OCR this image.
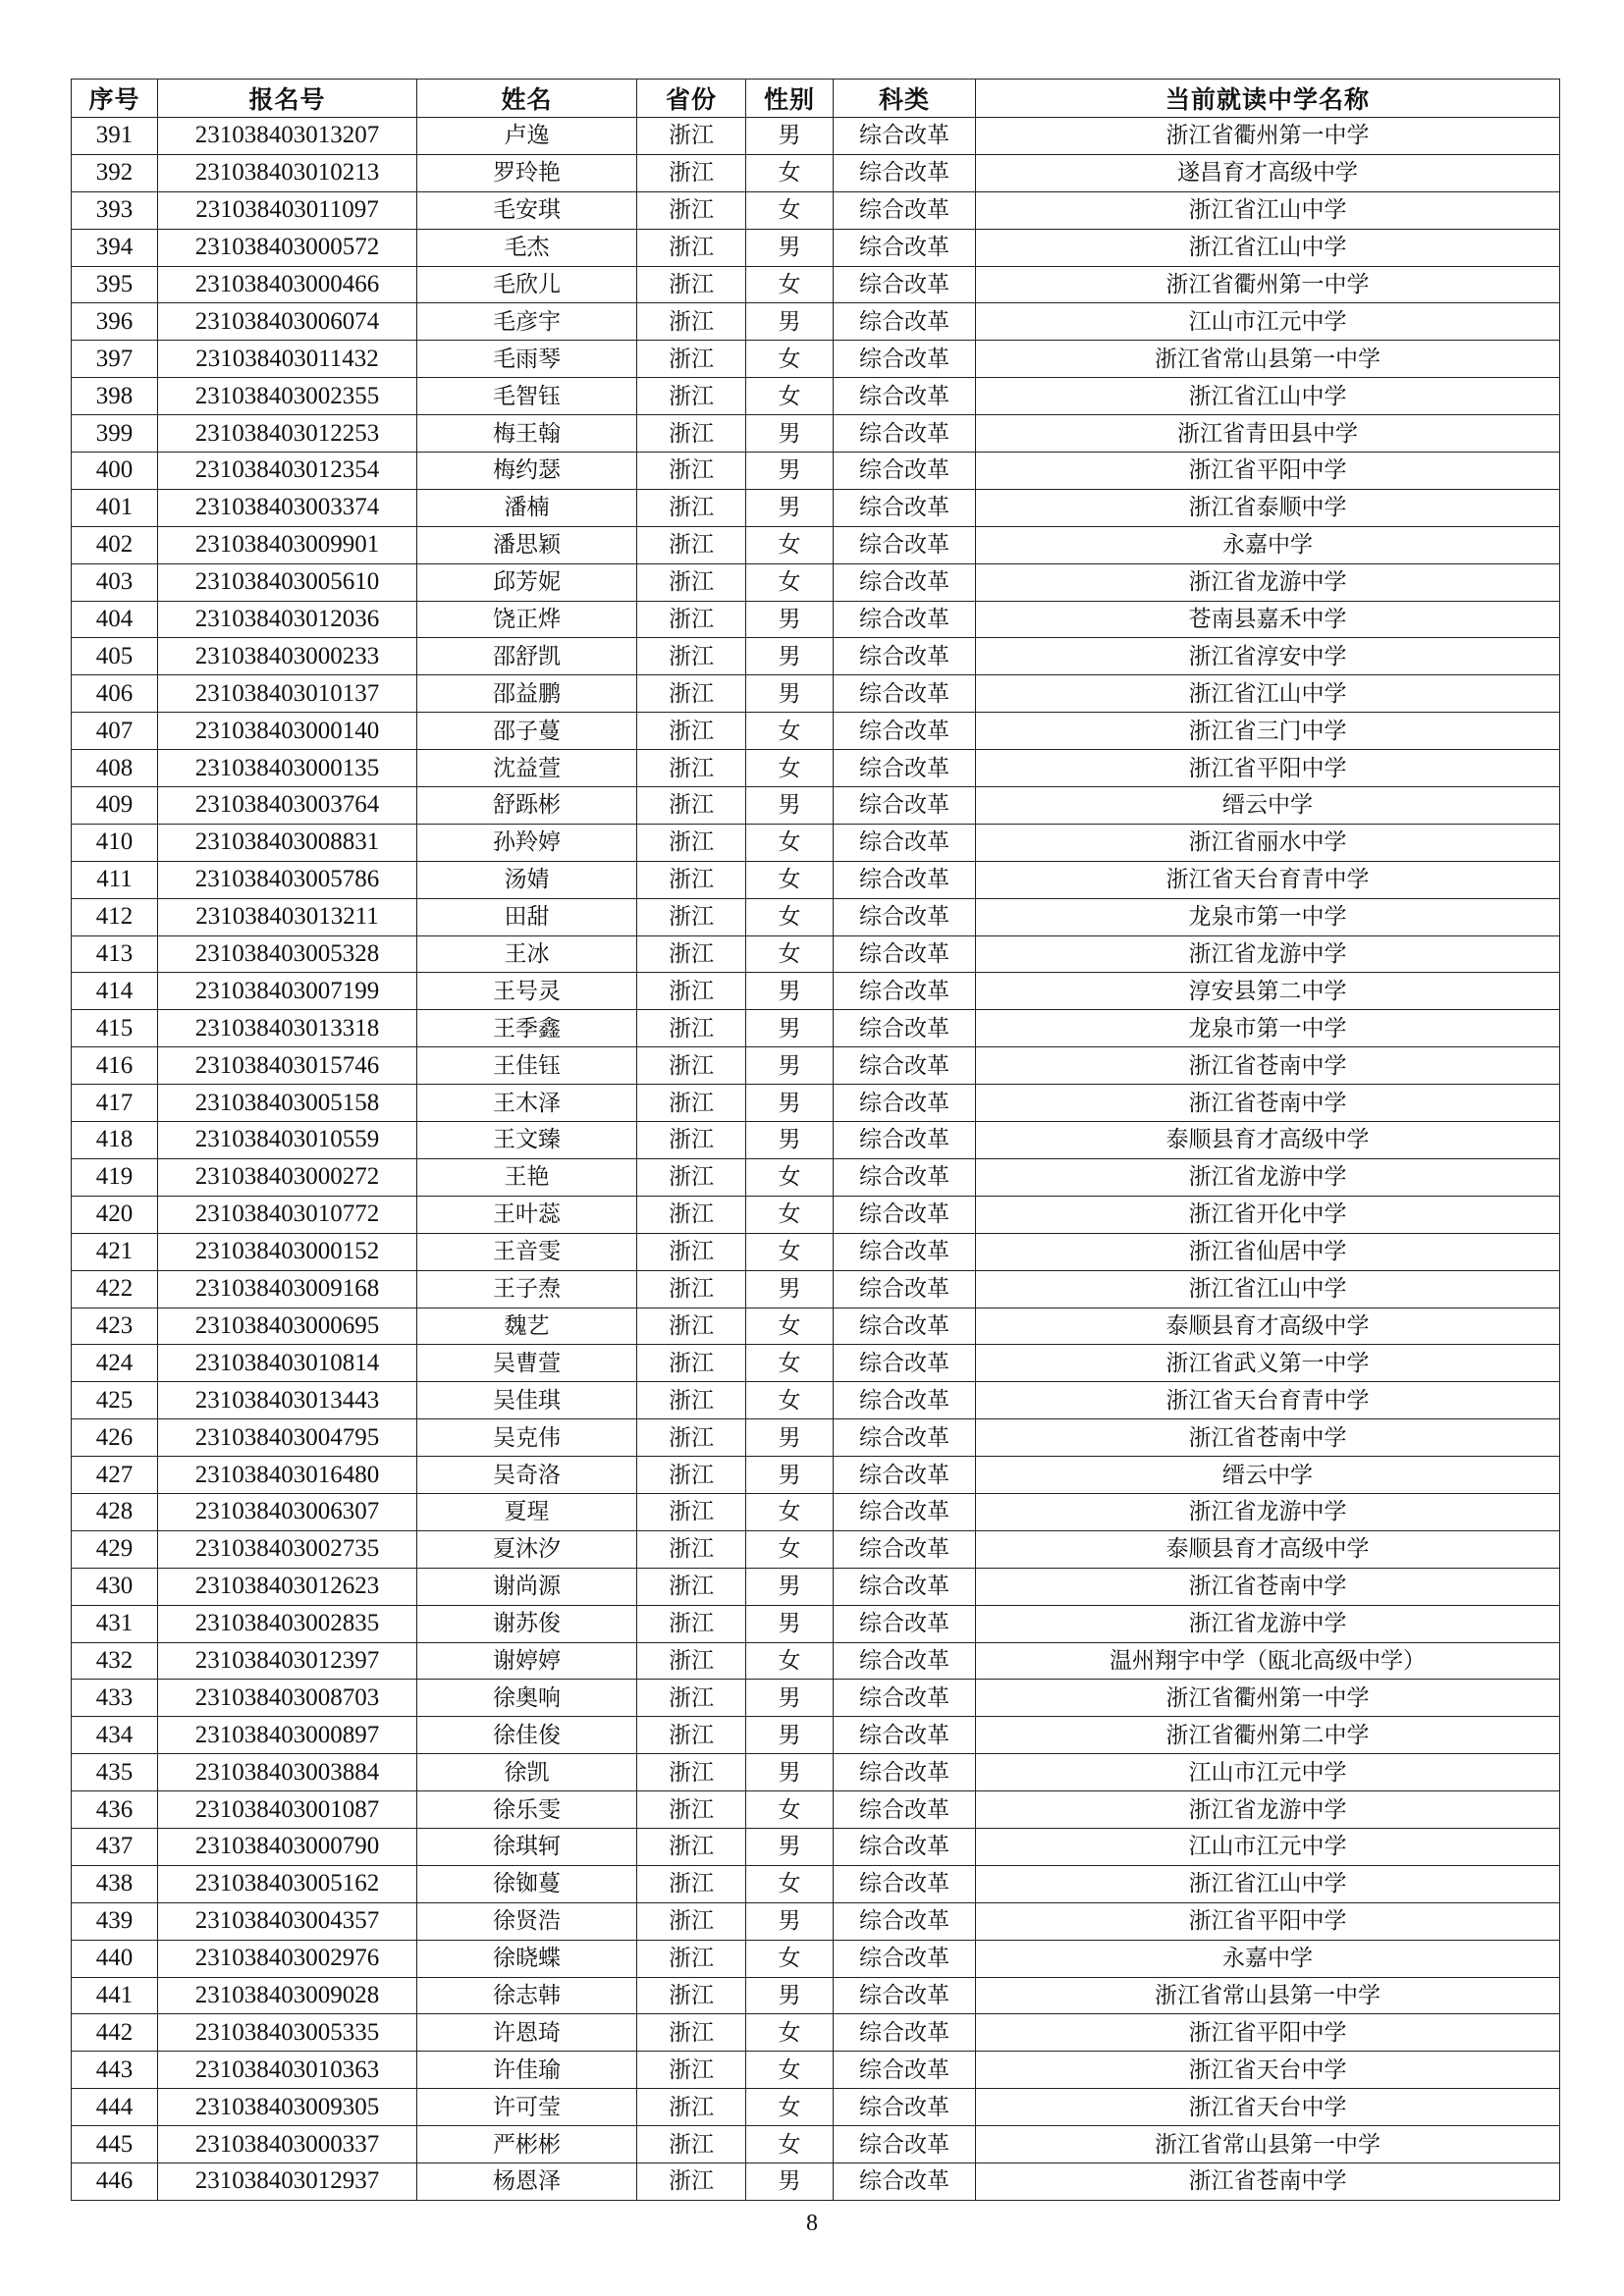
序号	报名号	姓名	省份	性别	科类	当前就读中学名称
391	231038403013207	卢逸	浙江	男	综合改革	浙江省衢州第一中学
392	231038403010213	罗玲艳	浙江	女	综合改革	遂昌育才高级中学
393	231038403011097	毛安琪	浙江	女	综合改革	浙江省江山中学
394	231038403000572	毛杰	浙江	男	综合改革	浙江省江山中学
395	231038403000466	毛欣儿	浙江	女	综合改革	浙江省衢州第一中学
396	231038403006074	毛彦宇	浙江	男	综合改革	江山市江元中学
397	231038403011432	毛雨琴	浙江	女	综合改革	浙江省常山县第一中学
398	231038403002355	毛智钰	浙江	女	综合改革	浙江省江山中学
399	231038403012253	梅王翰	浙江	男	综合改革	浙江省青田县中学
400	231038403012354	梅约瑟	浙江	男	综合改革	浙江省平阳中学
401	231038403003374	潘楠	浙江	男	综合改革	浙江省泰顺中学
402	231038403009901	潘思颖	浙江	女	综合改革	永嘉中学
403	231038403005610	邱芳妮	浙江	女	综合改革	浙江省龙游中学
404	231038403012036	饶正烨	浙江	男	综合改革	苍南县嘉禾中学
405	231038403000233	邵舒凯	浙江	男	综合改革	浙江省淳安中学
406	231038403010137	邵益鹏	浙江	男	综合改革	浙江省江山中学
407	231038403000140	邵子蔓	浙江	女	综合改革	浙江省三门中学
408	231038403000135	沈益萱	浙江	女	综合改革	浙江省平阳中学
409	231038403003764	舒跞彬	浙江	男	综合改革	缙云中学
410	231038403008831	孙羚婷	浙江	女	综合改革	浙江省丽水中学
411	231038403005786	汤婧	浙江	女	综合改革	浙江省天台育青中学
412	231038403013211	田甜	浙江	女	综合改革	龙泉市第一中学
413	231038403005328	王冰	浙江	女	综合改革	浙江省龙游中学
414	231038403007199	王号灵	浙江	男	综合改革	淳安县第二中学
415	231038403013318	王季鑫	浙江	男	综合改革	龙泉市第一中学
416	231038403015746	王佳钰	浙江	男	综合改革	浙江省苍南中学
417	231038403005158	王木泽	浙江	男	综合改革	浙江省苍南中学
418	231038403010559	王文臻	浙江	男	综合改革	泰顺县育才高级中学
419	231038403000272	王艳	浙江	女	综合改革	浙江省龙游中学
420	231038403010772	王叶蕊	浙江	女	综合改革	浙江省开化中学
421	231038403000152	王音雯	浙江	女	综合改革	浙江省仙居中学
422	231038403009168	王子焘	浙江	男	综合改革	浙江省江山中学
423	231038403000695	魏艺	浙江	女	综合改革	泰顺县育才高级中学
424	231038403010814	吴曹萱	浙江	女	综合改革	浙江省武义第一中学
425	231038403013443	吴佳琪	浙江	女	综合改革	浙江省天台育青中学
426	231038403004795	吴克伟	浙江	男	综合改革	浙江省苍南中学
427	231038403016480	吴奇洛	浙江	男	综合改革	缙云中学
428	231038403006307	夏瑆	浙江	女	综合改革	浙江省龙游中学
429	231038403002735	夏沐汐	浙江	女	综合改革	泰顺县育才高级中学
430	231038403012623	谢尚源	浙江	男	综合改革	浙江省苍南中学
431	231038403002835	谢苏俊	浙江	男	综合改革	浙江省龙游中学
432	231038403012397	谢婷婷	浙江	女	综合改革	温州翔宇中学（瓯北高级中学）
433	231038403008703	徐奥响	浙江	男	综合改革	浙江省衢州第一中学
434	231038403000897	徐佳俊	浙江	男	综合改革	浙江省衢州第二中学
435	231038403003884	徐凯	浙江	男	综合改革	江山市江元中学
436	231038403001087	徐乐雯	浙江	女	综合改革	浙江省龙游中学
437	231038403000790	徐琪轲	浙江	男	综合改革	江山市江元中学
438	231038403005162	徐铷蔓	浙江	女	综合改革	浙江省江山中学
439	231038403004357	徐贤浩	浙江	男	综合改革	浙江省平阳中学
440	231038403002976	徐晓蝶	浙江	女	综合改革	永嘉中学
441	231038403009028	徐志韩	浙江	男	综合改革	浙江省常山县第一中学
442	231038403005335	许恩琦	浙江	女	综合改革	浙江省平阳中学
443	231038403010363	许佳瑜	浙江	女	综合改革	浙江省天台中学
444	231038403009305	许可莹	浙江	女	综合改革	浙江省天台中学
445	231038403000337	严彬彬	浙江	女	综合改革	浙江省常山县第一中学
446	231038403012937	杨恩泽	浙江	男	综合改革	浙江省苍南中学
8
